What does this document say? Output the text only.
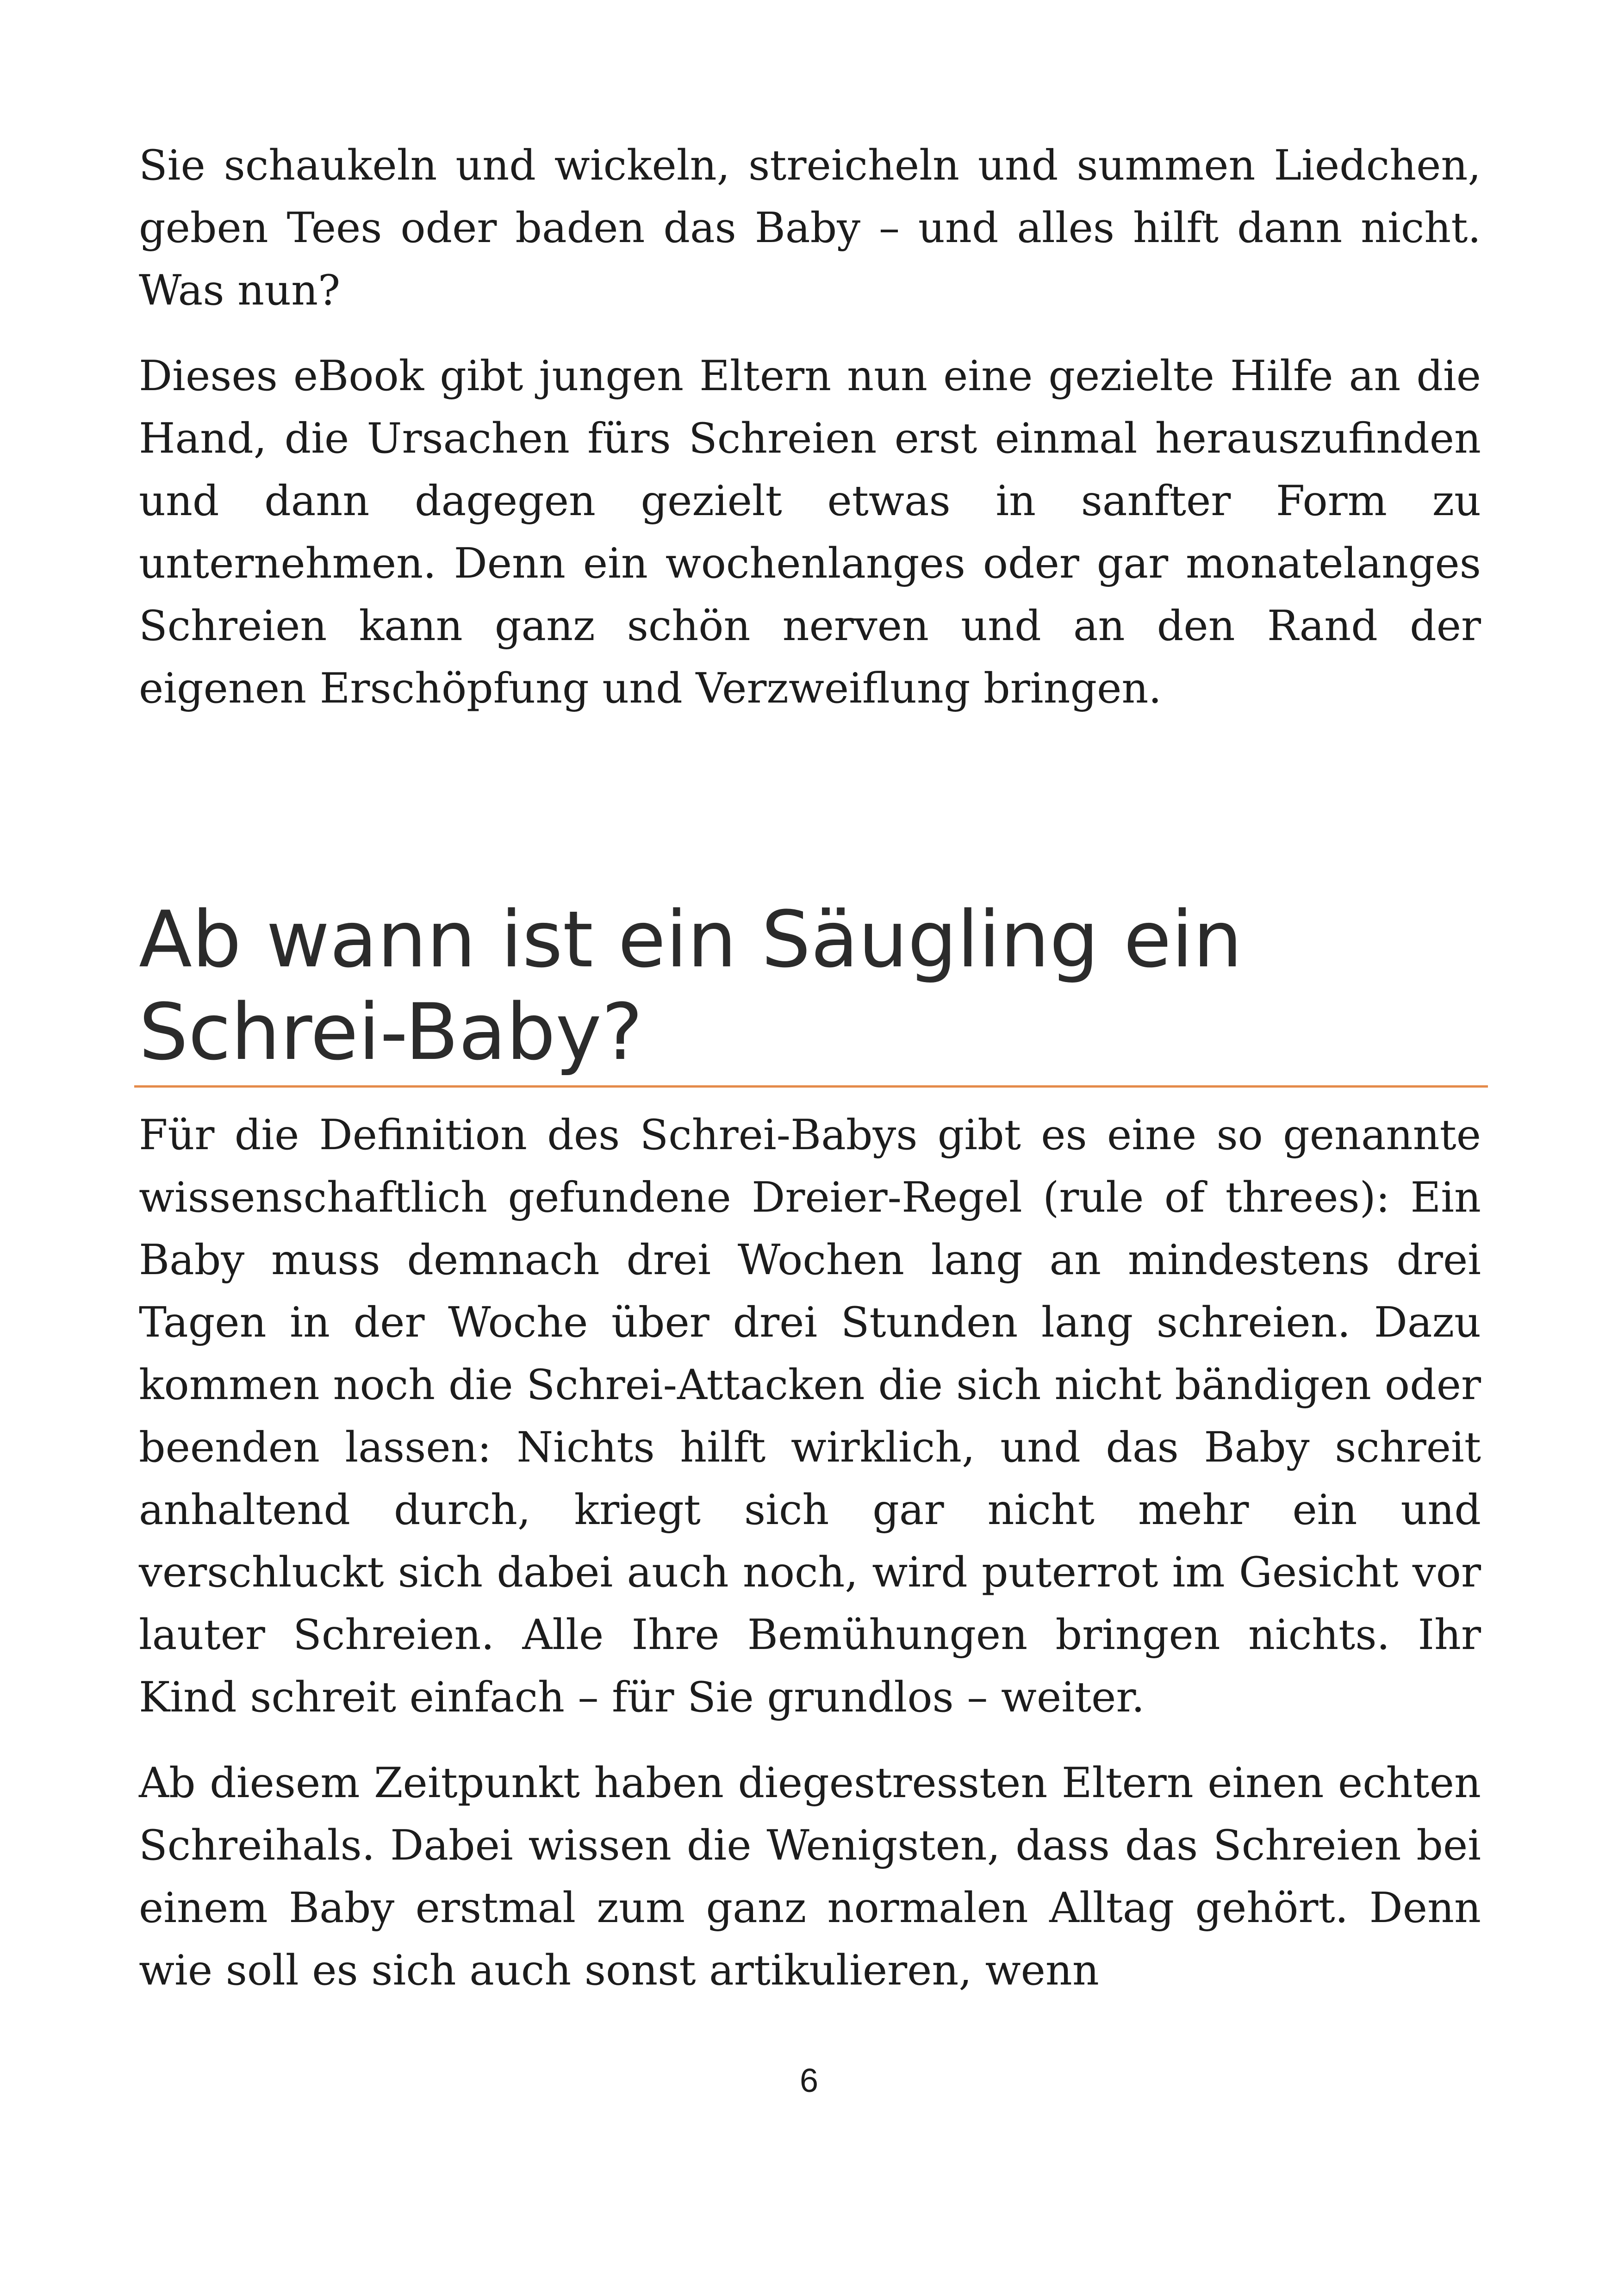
Sie schaukeln und wickeln, streicheln und summen Liedchen, geben Tees oder baden das Baby – und alles hilft dann nicht. Was nun?

Dieses eBook gibt jungen Eltern nun eine gezielte Hilfe an die Hand, die Ursachen fürs Schreien erst einmal herauszufinden und dann dagegen gezielt etwas in sanfter Form zu unternehmen. Denn ein wochenlanges oder gar monatelanges Schreien kann ganz schön nerven und an den Rand der eigenen Erschöpfung und Verzweiflung bringen.

Ab wann ist ein Säugling ein Schrei-Baby?

Für die Definition des Schrei-Babys gibt es eine so genannte wissenschaftlich gefundene Dreier-Regel (rule of threes): Ein Baby muss demnach drei Wochen lang an mindestens drei Tagen in der Woche über drei Stunden lang schreien. Dazu kommen noch die Schrei-Attacken die sich nicht bändigen oder beenden lassen: Nichts hilft wirklich, und das Baby schreit anhaltend durch, kriegt sich gar nicht mehr ein und verschluckt sich dabei auch noch, wird puterrot im Gesicht vor lauter Schreien. Alle Ihre Bemühungen bringen nichts. Ihr Kind schreit einfach – für Sie grundlos – weiter.

Ab diesem Zeitpunkt haben diegestressten Eltern einen echten Schreihals. Dabei wissen die Wenigsten, dass das Schreien bei einem Baby erstmal zum ganz normalen Alltag gehört. Denn wie soll es sich auch sonst artikulieren, wenn

6
